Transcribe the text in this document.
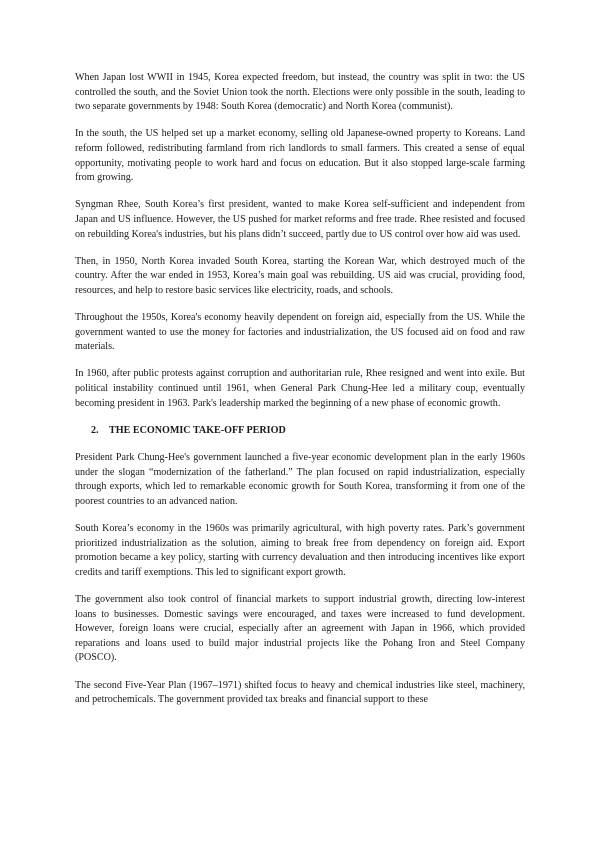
When Japan lost WWII in 1945, Korea expected freedom, but instead, the country was split in two: the US controlled the south, and the Soviet Union took the north. Elections were only possible in the south, leading to two separate governments by 1948: South Korea (democratic) and North Korea (communist).

In the south, the US helped set up a market economy, selling old Japanese-owned property to Koreans. Land reform followed, redistributing farmland from rich landlords to small farmers. This created a sense of equal opportunity, motivating people to work hard and focus on education. But it also stopped large-scale farming from growing.

Syngman Rhee, South Korea’s first president, wanted to make Korea self-sufficient and independent from Japan and US influence. However, the US pushed for market reforms and free trade. Rhee resisted and focused on rebuilding Korea's industries, but his plans didn’t succeed, partly due to US control over how aid was used.

Then, in 1950, North Korea invaded South Korea, starting the Korean War, which destroyed much of the country. After the war ended in 1953, Korea’s main goal was rebuilding. US aid was crucial, providing food, resources, and help to restore basic services like electricity, roads, and schools.

Throughout the 1950s, Korea's economy heavily dependent on foreign aid, especially from the US. While the government wanted to use the money for factories and industrialization, the US focused aid on food and raw materials.

In 1960, after public protests against corruption and authoritarian rule, Rhee resigned and went into exile. But political instability continued until 1961, when General Park Chung-Hee led a military coup, eventually becoming president in 1963. Park's leadership marked the beginning of a new phase of economic growth.

2.	THE ECONOMIC TAKE-OFF PERIOD

President Park Chung-Hee's government launched a five-year economic development plan in the early 1960s under the slogan “modernization of the fatherland.” The plan focused on rapid industrialization, especially through exports, which led to remarkable economic growth for South Korea, transforming it from one of the poorest countries to an advanced nation.

South Korea’s economy in the 1960s was primarily agricultural, with high poverty rates. Park’s government prioritized industrialization as the solution, aiming to break free from dependency on foreign aid. Export promotion became a key policy, starting with currency devaluation and then introducing incentives like export credits and tariff exemptions. This led to significant export growth.

The government also took control of financial markets to support industrial growth, directing low-interest loans to businesses. Domestic savings were encouraged, and taxes were increased to fund development. However, foreign loans were crucial, especially after an agreement with Japan in 1966, which provided reparations and loans used to build major industrial projects like the Pohang Iron and Steel Company (POSCO).

The second Five-Year Plan (1967–1971) shifted focus to heavy and chemical industries like steel, machinery, and petrochemicals. The government provided tax breaks and financial support to these
